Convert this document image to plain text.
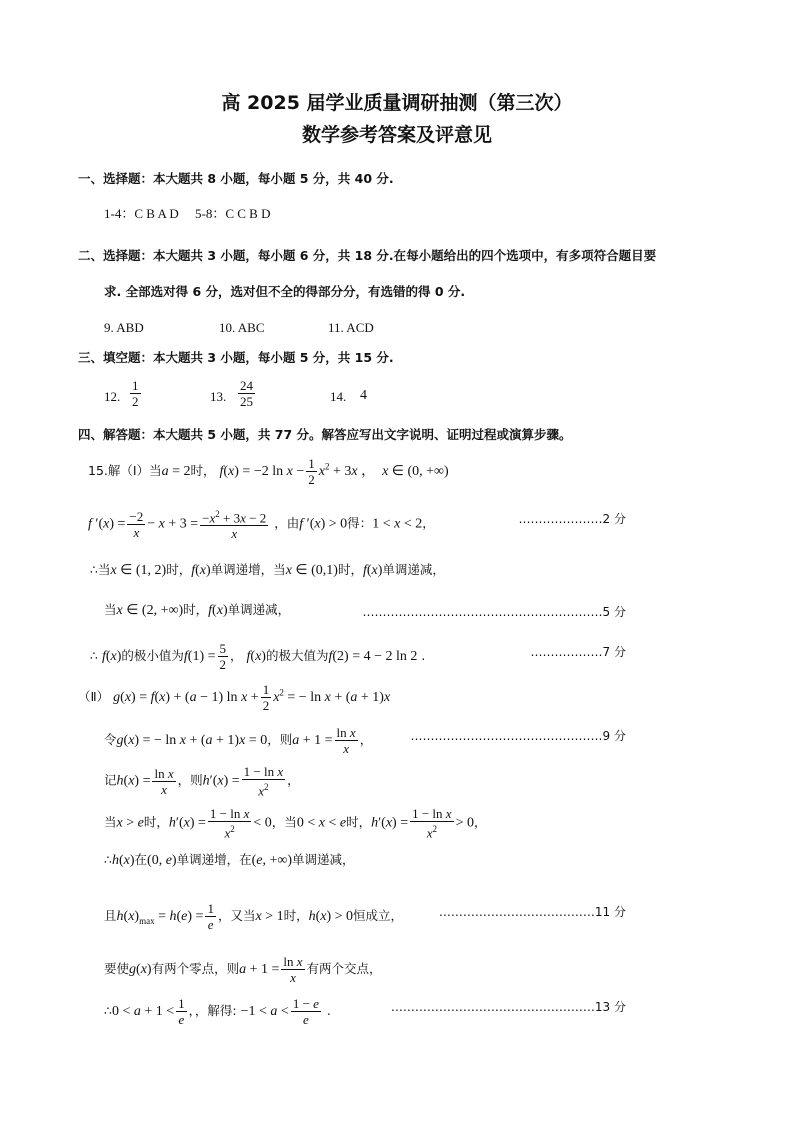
高 2025 届学业质量调研抽测（第三次）
数学参考答案及评意见
一、选择题：本大题共 8 小题，每小题 5 分，共 40 分.
1-4：C B A D　 5-8：C C B D
二、选择题：本大题共 3 小题，每小题 6 分，共 18 分.在每小题给出的四个选项中，有多项符合题目要
求. 全部选对得 6 分，选对但不全的得部分分，有选错的得 0 分.
9. ABD	10. ABC	11. ACD
三、填空题：本大题共 3 小题，每小题 5 分，共 15 分.
12. $\frac{1}{2}$	13. $\frac{24}{25}$	14. 4
四、解答题：本大题共 5 小题，共 77 分。解答应写出文字说明、证明过程或演算步骤。
15.解（Ⅰ）当a = 2时， f(x) = −2 $\ln x - \frac{1}{2} x^2 + 3x$ ，  x ∈ (0, +∞)
f $'(x) = \frac{-2}{x} - x + 3 = \frac{-x^2 + 3x - 2}{x}$ ，由f ′(x) > 0得：1 < x < 2，	…………………2 分
∴当x ∈ (1, 2)时，f(x)单调递增，当x ∈ (0,1)时，f(x)单调递减，
当x ∈ (2, +∞)时，f(x)单调递减，	……………………………………………………5 分
∴ f(x)的极小值为$f(1) = \frac{5}{2}$ ， f(x)的极大值为f(2) = 4 − 2 ln 2 .	………………7 分
（Ⅱ） g(x) = f(x) + (a − 1) $\ln x + \frac{1}{2} x^2$ = − ln x + (a + 1)x
令g(x) = − ln x + (a + 1)x = 0，则$a + 1 = \frac{\text{ln x}}{x}$ ，	…………………………………………9 分
记$h(x) = \frac{\text{ln x}}{x}$ ，则$h'(x) = \frac{\text{1 − ln x}}{x^2}$ ，
当x > e时，$h'(x) = \frac{\text{1 − ln x}}{x^2} < 0$，当0 < x < e时，$h'(x) = \frac{\text{1 − ln x}}{x^2} > 0$，
∴h(x)在(0, e)单调递增，在(e, +∞)单调递减，
且$h(x)_{max} = h(e) = \frac{1}{e}$ ，又当x > 1时，h(x) > 0恒成立，	…………………………………11 分
要使g(x)有两个零点，则$a + 1 = \frac{\text{ln x}}{x}$ 有两个交点，
∴0 < $a + 1 < \frac{1}{e}$ ，，解得: $-1 < a < \frac{1 - e}{e}$ .	……………………………………………13 分
